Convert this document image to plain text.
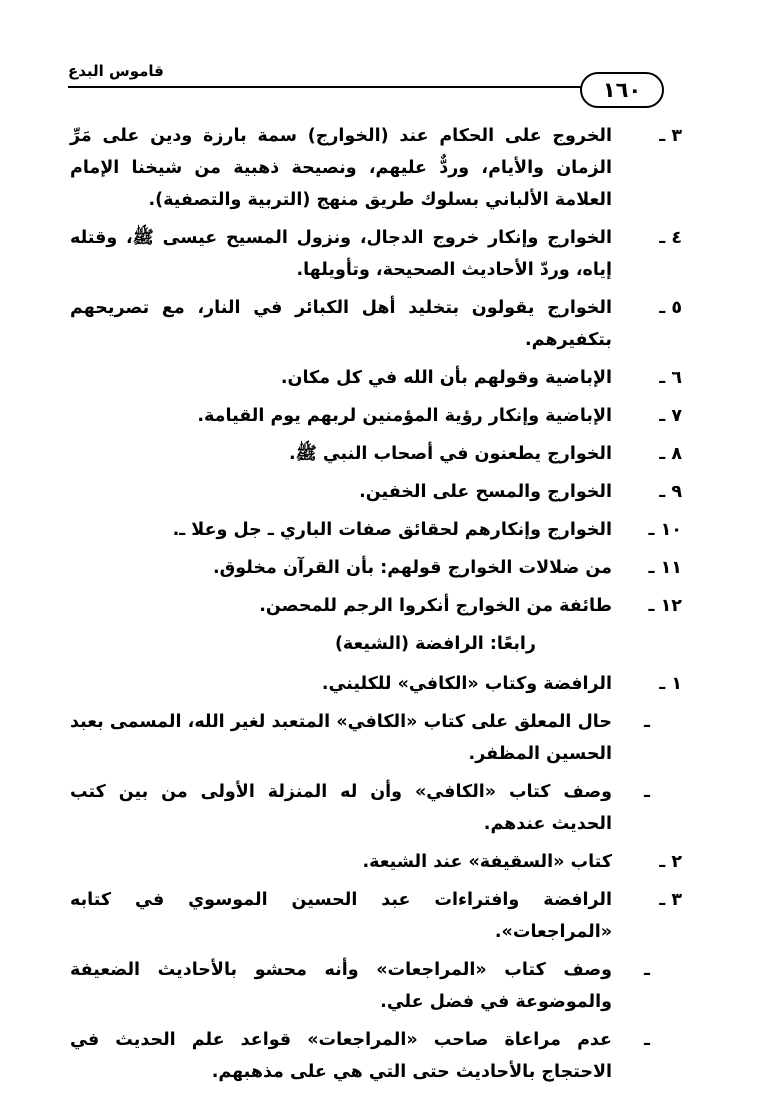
قاموس البدع
١٦٠
٣ ـ
الخروج على الحكام عند (الخوارج) سمة بارزة ودين على مَرِّ الزمان والأيام، وردٌّ عليهم، ونصيحة ذهبية من شيخنا الإمام العلامة الألباني بسلوك طريق منهج (التربية والتصفية).
٤ ـ
الخوارج وإنكار خروج الدجال، ونزول المسيح عيسى ﷺ، وقتله إياه، وردّ الأحاديث الصحيحة، وتأويلها.
٥ ـ
الخوارج يقولون بتخليد أهل الكبائر في النار، مع تصريحهم بتكفيرهم.
٦ ـ
الإباضية وقولهم بأن الله في كل مكان.
٧ ـ
الإباضية وإنكار رؤية المؤمنين لربهم يوم القيامة.
٨ ـ
الخوارج يطعنون في أصحاب النبي ﷺ.
٩ ـ
الخوارج والمسح على الخفين.
١٠ ـ
الخوارج وإنكارهم لحقائق صفات الباري ـ جل وعلا ـ.
١١ ـ
من ضلالات الخوارج قولهم: بأن القرآن مخلوق.
١٢ ـ
طائفة من الخوارج أنكروا الرجم للمحصن.
رابعًا: الرافضة (الشيعة)
١ ـ
الرافضة وكتاب «الكافي» للكليني.
ـ
حال المعلق على كتاب «الكافي» المتعبد لغير الله، المسمى بعبد الحسين المظفر.
ـ
وصف كتاب «الكافي» وأن له المنزلة الأولى من بين كتب الحديث عندهم.
٢ ـ
كتاب «السقيفة» عند الشيعة.
٣ ـ
الرافضة وافتراءات عبد الحسين الموسوي في كتابه «المراجعات».
ـ
وصف كتاب «المراجعات» وأنه محشو بالأحاديث الضعيفة والموضوعة في فضل علي.
ـ
عدم مراعاة صاحب «المراجعات» قواعد علم الحديث في الاحتجاج بالأحاديث حتى التي هي على مذهبهم.
